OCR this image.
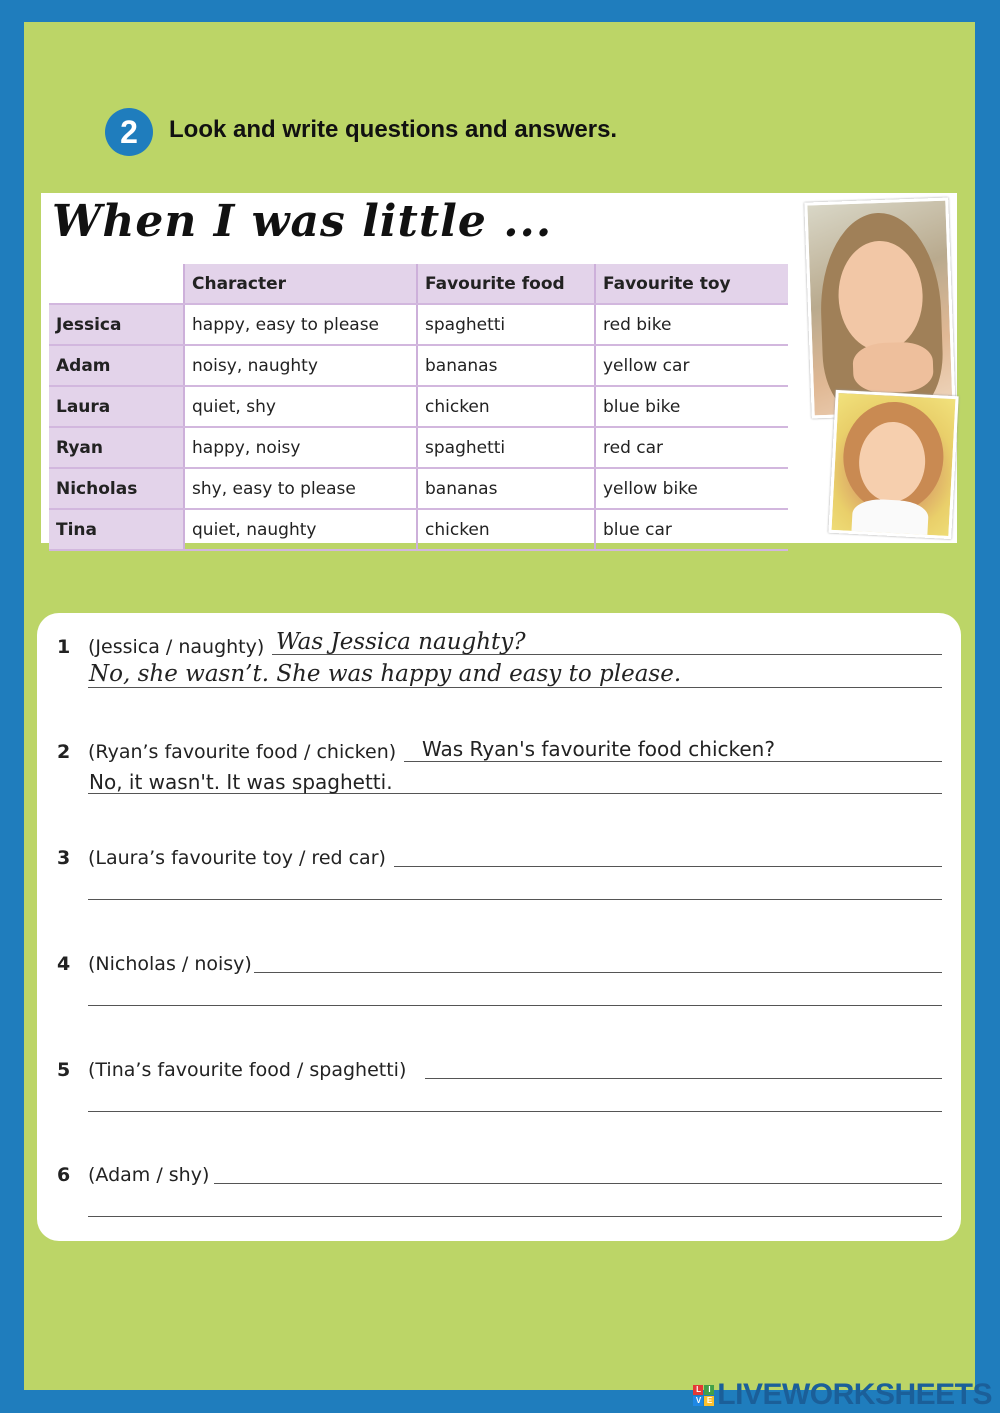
2	Look and write questions and answers.
When I was little ...
	Character	Favourite food	Favourite toy
Jessica	happy, easy to please	spaghetti	red bike
Adam	noisy, naughty	bananas	yellow car
Laura	quiet, shy	chicken	blue bike
Ryan	happy, noisy	spaghetti	red car
Nicholas	shy, easy to please	bananas	yellow bike
Tina	quiet, naughty	chicken	blue car
1 (Jessica / naughty) Was Jessica naughty?
No, she wasn’t. She was happy and easy to please.
2 (Ryan’s favourite food / chicken) Was Ryan's favourite food chicken?
No, it wasn't. It was spaghetti.
3 (Laura’s favourite toy / red car)
4 (Nicholas / noisy)
5 (Tina’s favourite food / spaghetti)
6 (Adam / shy)
L I
V E LIVEWORKSHEETS
